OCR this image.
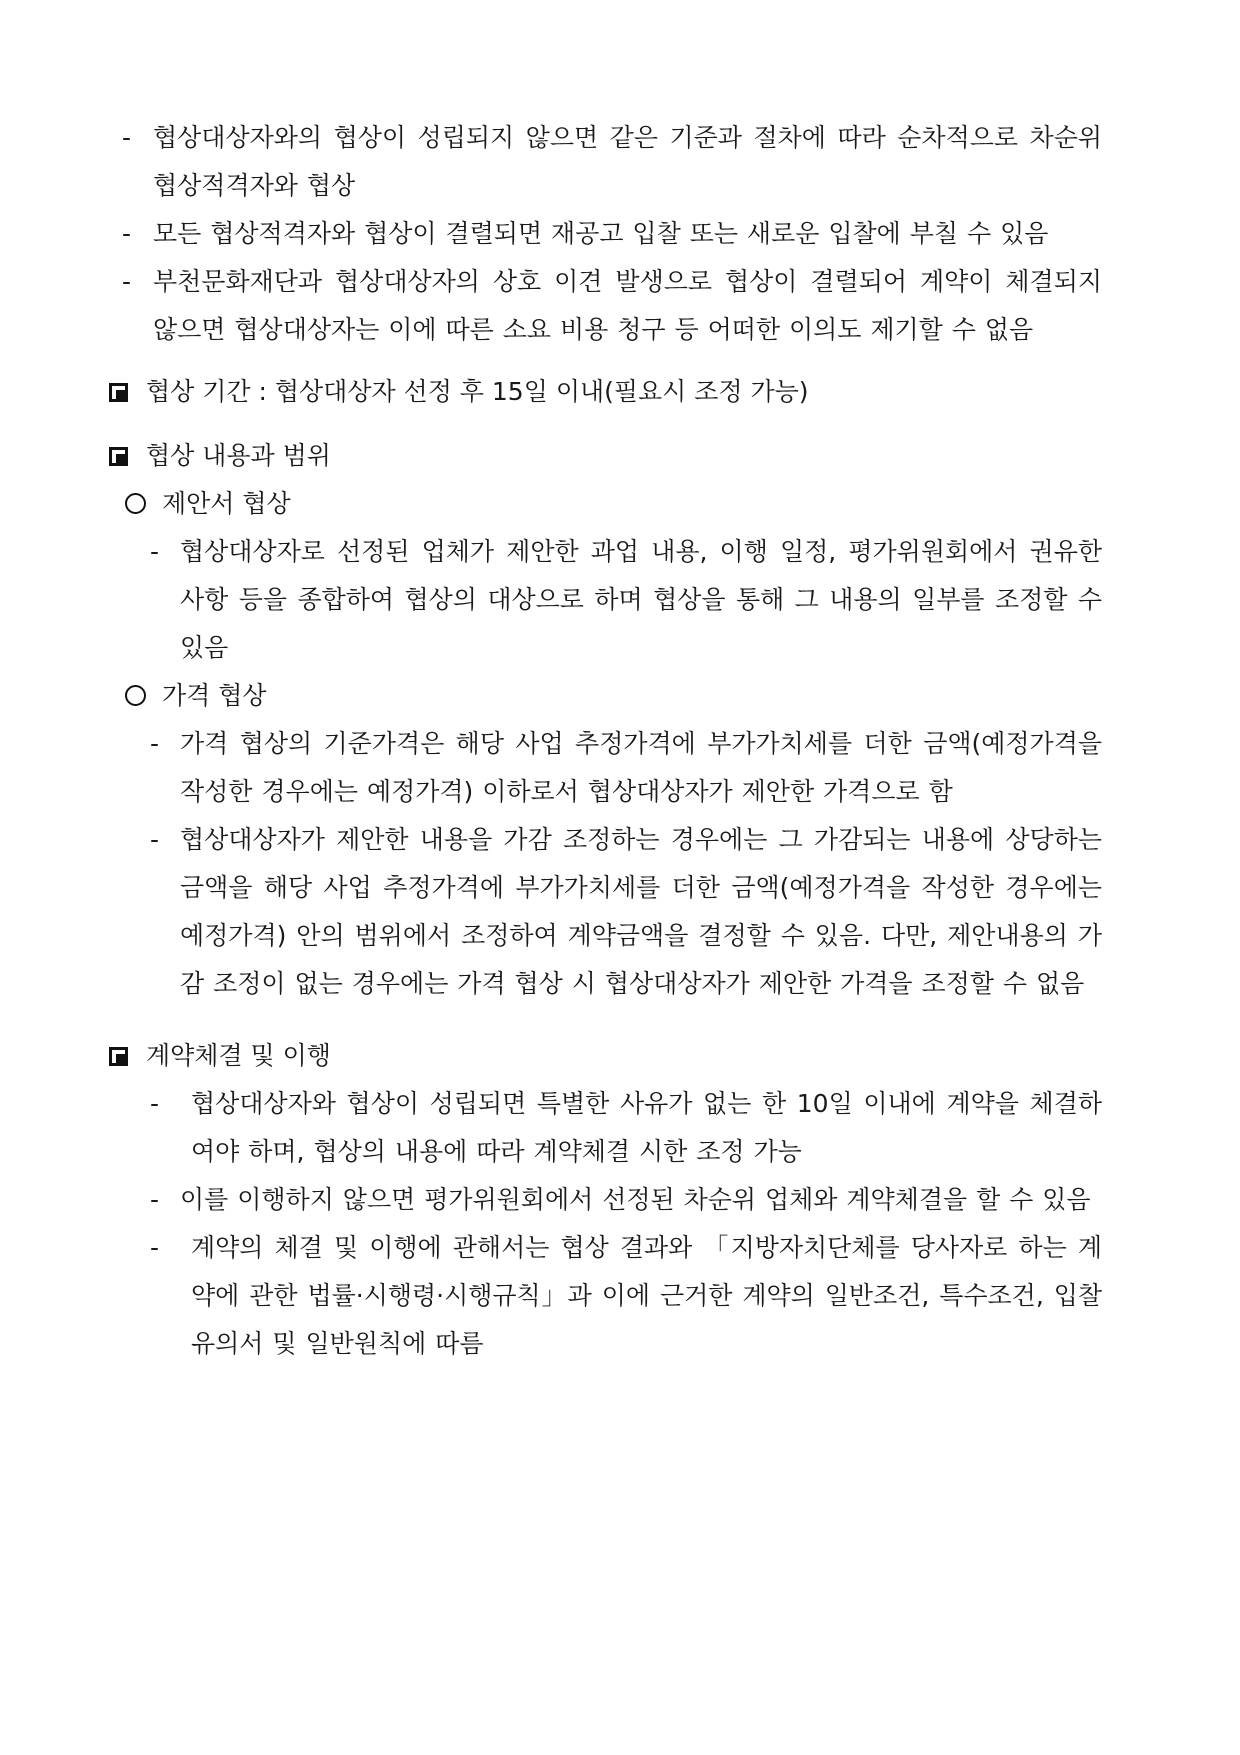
- 협상대상자와의 협상이 성립되지 않으면 같은 기준과 절차에 따라 순차적으로 차순위 협상적격자와 협상
- 모든 협상적격자와 협상이 결렬되면 재공고 입찰 또는 새로운 입찰에 부칠 수 있음
- 부천문화재단과 협상대상자의 상호 이견 발생으로 협상이 결렬되어 계약이 체결되지 않으면 협상대상자는 이에 따른 소요 비용 청구 등 어떠한 이의도 제기할 수 없음
협상 기간 : 협상대상자 선정 후 15일 이내(필요시 조정 가능)
협상 내용과 범위
제안서 협상
- 협상대상자로 선정된 업체가 제안한 과업 내용, 이행 일정, 평가위원회에서 권유한 사항 등을 종합하여 협상의 대상으로 하며 협상을 통해 그 내용의 일부를 조정할 수 있음
가격 협상
- 가격 협상의 기준가격은 해당 사업 추정가격에 부가가치세를 더한 금액(예정가격을 작성한 경우에는 예정가격) 이하로서 협상대상자가 제안한 가격으로 함
- 협상대상자가 제안한 내용을 가감 조정하는 경우에는 그 가감되는 내용에 상당하는 금액을 해당 사업 추정가격에 부가가치세를 더한 금액(예정가격을 작성한 경우에는 예정가격) 안의 범위에서 조정하여 계약금액을 결정할 수 있음. 다만, 제안내용의 가감 조정이 없는 경우에는 가격 협상 시 협상대상자가 제안한 가격을 조정할 수 없음
계약체결 및 이행
- 협상대상자와 협상이 성립되면 특별한 사유가 없는 한 10일 이내에 계약을 체결하여야 하며, 협상의 내용에 따라 계약체결 시한 조정 가능
- 이를 이행하지 않으면 평가위원회에서 선정된 차순위 업체와 계약체결을 할 수 있음
- 계약의 체결 및 이행에 관해서는 협상 결과와 「지방자치단체를 당사자로 하는 계약에 관한 법률·시행령·시행규칙」과 이에 근거한 계약의 일반조건, 특수조건, 입찰유의서 및 일반원칙에 따름
